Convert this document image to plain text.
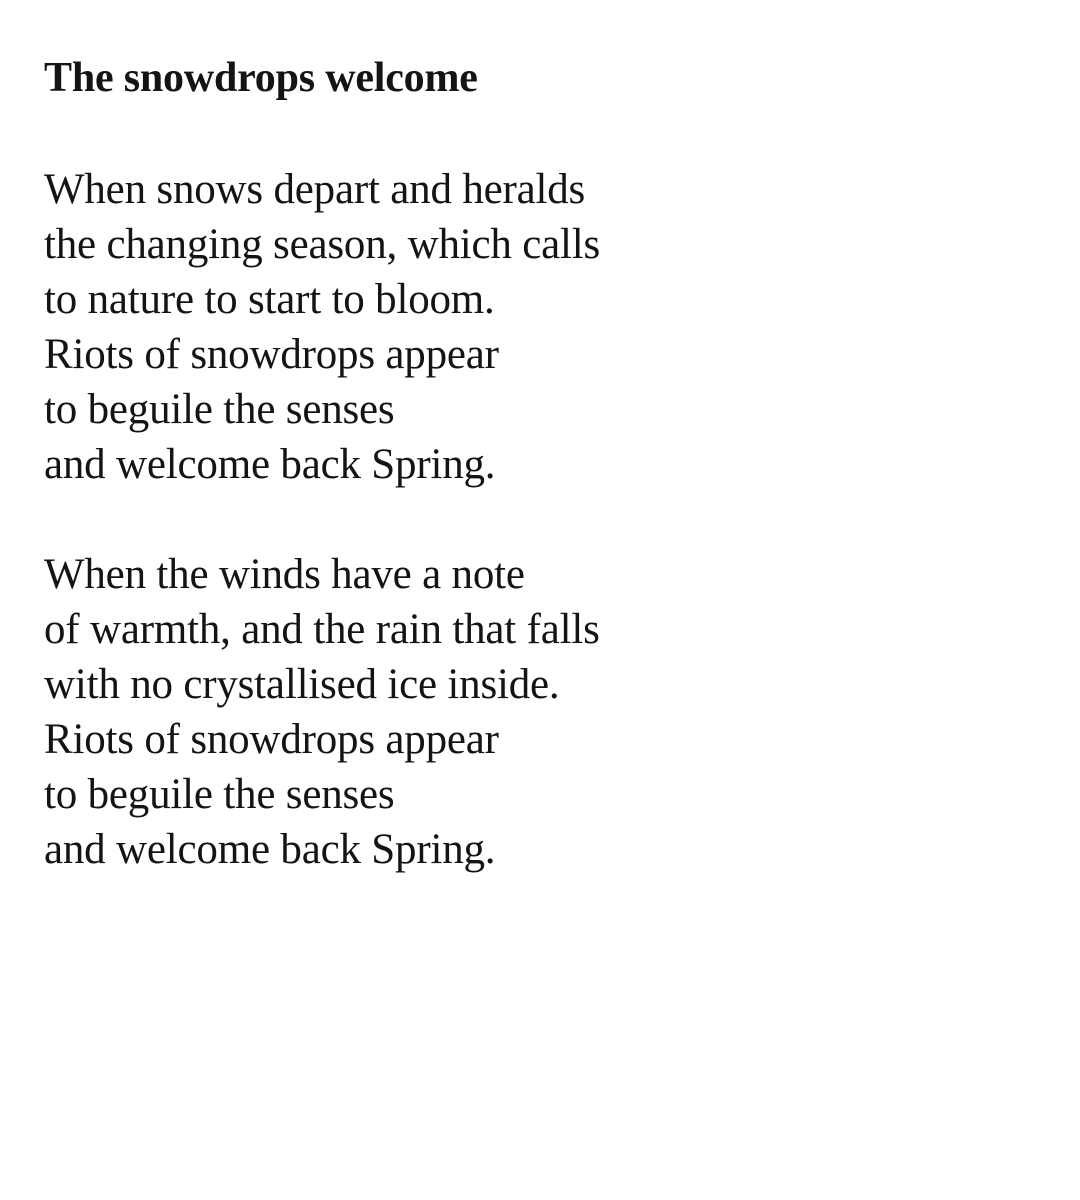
The snowdrops welcome
When snows depart and heralds
the changing season, which calls
to nature to start to bloom.
Riots of snowdrops appear
to beguile the senses
and welcome back Spring.
When the winds have a note
of warmth, and the rain that falls
with no crystallised ice inside.
Riots of snowdrops appear
to beguile the senses
and welcome back Spring.
